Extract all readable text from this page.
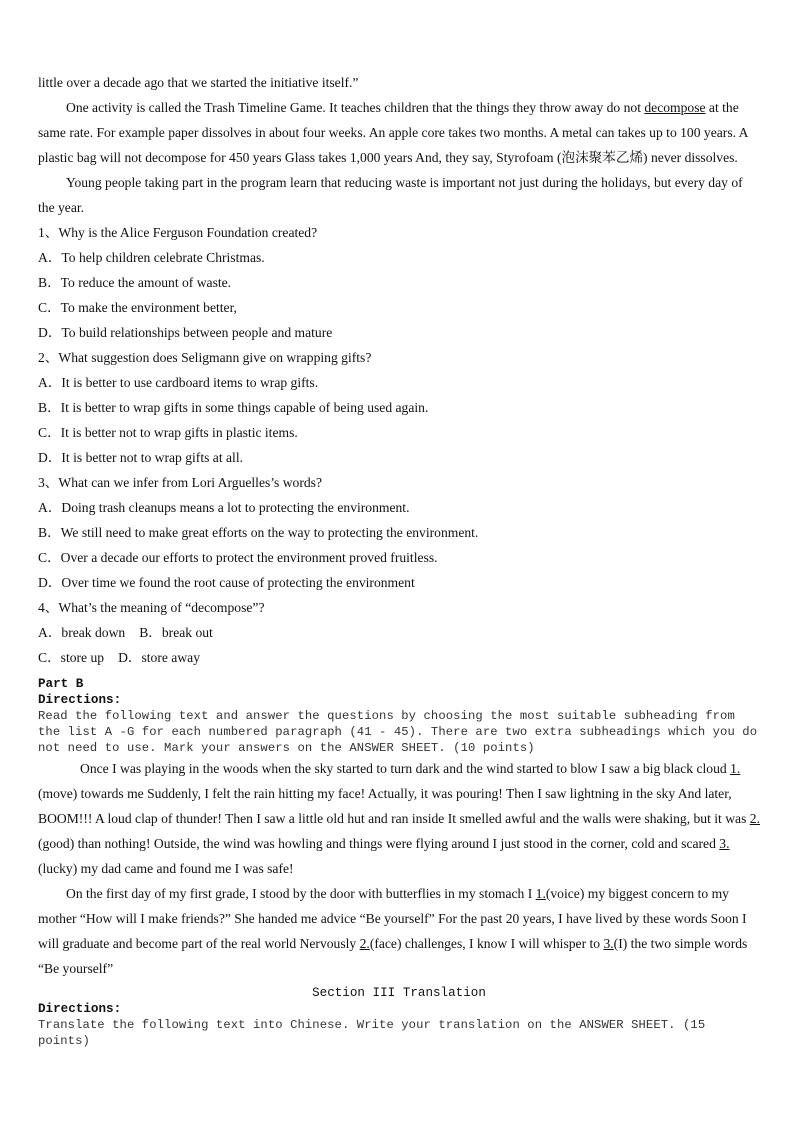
little over a decade ago that we started the initiative itself.”

One activity is called the Trash Timeline Game. It teaches children that the things they throw away do not decompose at the same rate. For example paper dissolves in about four weeks. An apple core takes two months. A metal can takes up to 100 years. A plastic bag will not decompose for 450 years Glass takes 1,000 years And, they say, Styrofoam (泡沫聚苯乙烯) never dissolves.

Young people taking part in the program learn that reducing waste is important not just during the holidays, but every day of the year.

1、Why is the Alice Ferguson Foundation created?

A．To help children celebrate Christmas.

B．To reduce the amount of waste.

C．To make the environment better,

D．To build relationships between people and mature

2、What suggestion does Seligmann give on wrapping gifts?

A．It is better to use cardboard items to wrap gifts.

B．It is better to wrap gifts in some things capable of being used again.

C．It is better not to wrap gifts in plastic items.

D．It is better not to wrap gifts at all.

3、What can we infer from Lori Arguelles’s words?

A．Doing trash cleanups means a lot to protecting the environment.

B．We still need to make great efforts on the way to protecting the environment.

C．Over a decade our efforts to protect the environment proved fruitless.

D．Over time we found the root cause of protecting the environment

4、What’s the meaning of “decompose”?

A．break down B．break out

C．store up D．store away

Part B

Directions:

Read the following text and answer the questions by choosing the most suitable subheading from the list A -G for each numbered paragraph (41 - 45). There are two extra subheadings which you do not need to use. Mark your answers on the ANSWER SHEET. (10 points)

Once I was playing in the woods when the sky started to turn dark and the wind started to blow I saw a big black cloud 1.(move) towards me Suddenly, I felt the rain hitting my face! Actually, it was pouring! Then I saw lightning in the sky And later, BOOM!!! A loud clap of thunder! Then I saw a little old hut and ran inside It smelled awful and the walls were shaking, but it was 2.(good) than nothing! Outside, the wind was howling and things were flying around I just stood in the corner, cold and scared 3.(lucky) my dad came and found me I was safe!

On the first day of my first grade, I stood by the door with butterflies in my stomach I 1.(voice) my biggest concern to my mother “How will I make friends?” She handed me advice “Be yourself” For the past 20 years, I have lived by these words Soon I will graduate and become part of the real world Nervously 2.(face) challenges, I know I will whisper to 3.(I) the two simple words “Be yourself”

Section III Translation

Directions:

Translate the following text into Chinese. Write your translation on the ANSWER SHEET. (15 points)
